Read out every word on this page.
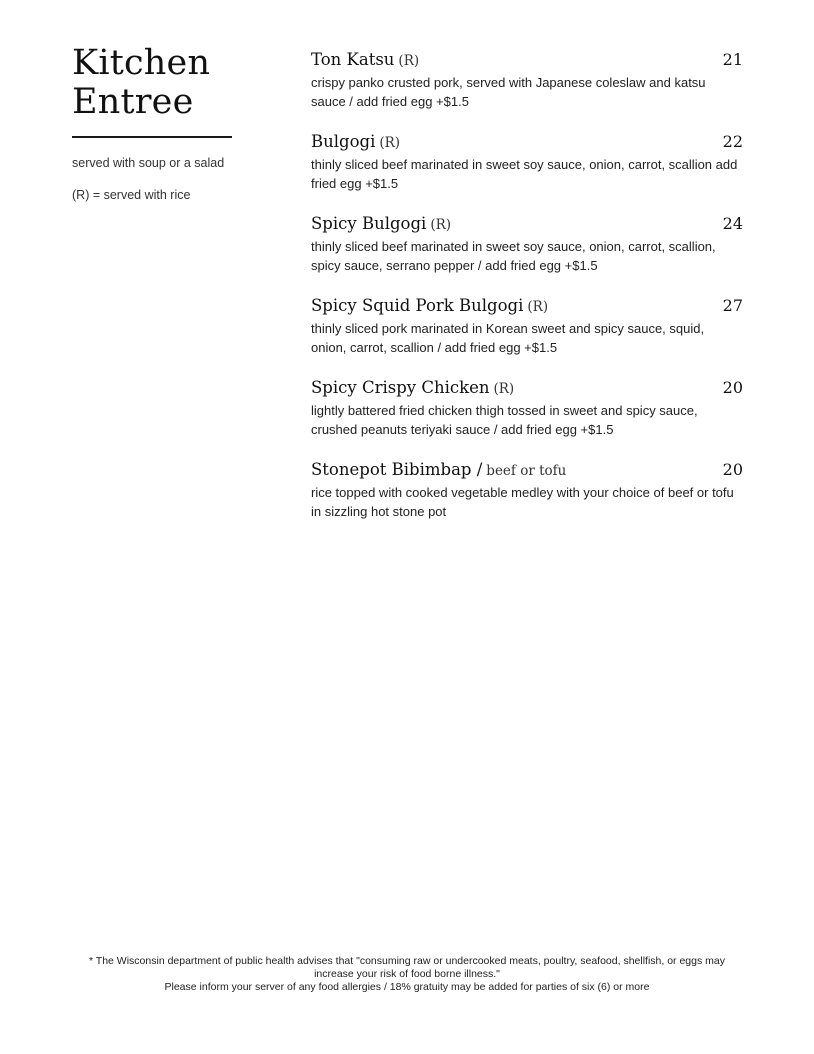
Kitchen
Entree

served with soup or a salad

(R) = served with rice

Ton Katsu (R)	21

crispy panko crusted pork, served with Japanese coleslaw and katsu sauce / add fried egg +$1.5

Bulgogi (R)	22

thinly sliced beef marinated in sweet soy sauce, onion, carrot, scallion add fried egg +$1.5

Spicy Bulgogi (R)	24

thinly sliced beef marinated in sweet soy sauce, onion, carrot, scallion, spicy sauce, serrano pepper / add fried egg +$1.5

Spicy Squid Pork Bulgogi (R)	27

thinly sliced pork marinated in Korean sweet and spicy sauce, squid, onion, carrot, scallion / add fried egg +$1.5

Spicy Crispy Chicken (R)	20

lightly battered fried chicken thigh tossed in sweet and spicy sauce, crushed peanuts teriyaki sauce / add fried egg +$1.5

Stonepot Bibimbap / beef or tofu	20

rice topped with cooked vegetable medley with your choice of beef or tofu in sizzling hot stone pot

* The Wisconsin department of public health advises that "consuming raw or undercooked meats, poultry, seafood, shellfish, or eggs may

increase your risk of food borne illness."

Please inform your server of any food allergies / 18% gratuity may be added for parties of six (6) or more
